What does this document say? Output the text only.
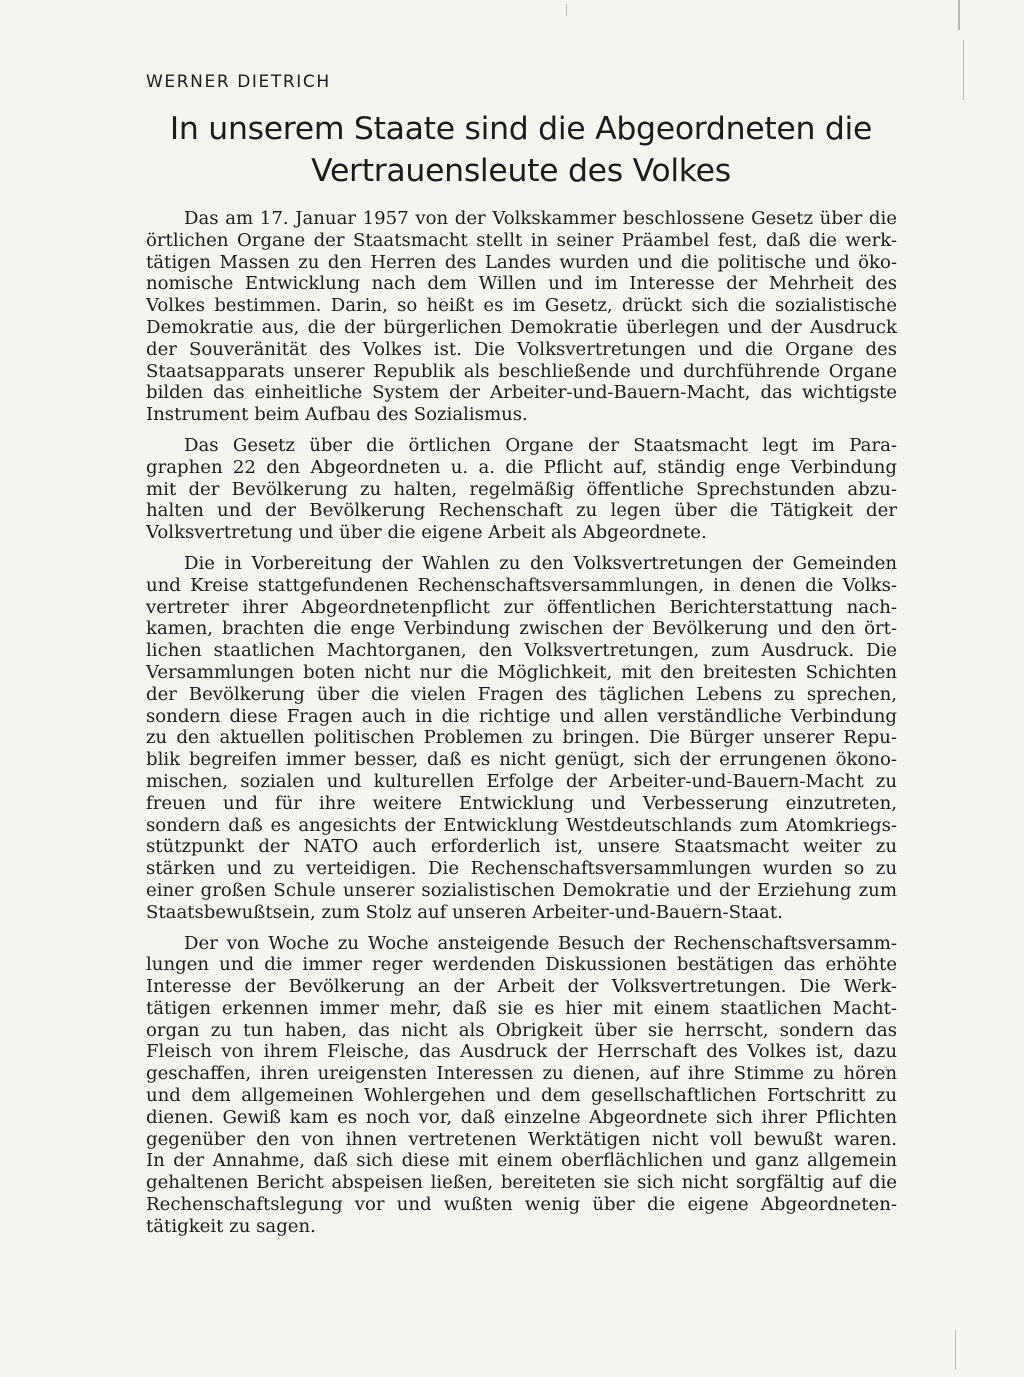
WERNER DIETRICH
In unserem Staate sind die Abgeordneten die
Vertrauensleute des Volkes
Das am 17. Januar 1957 von der Volkskammer beschlossene Gesetz über die
örtlichen Organe der Staatsmacht stellt in seiner Präambel fest, daß die werk-
tätigen Massen zu den Herren des Landes wurden und die politische und öko-
nomische Entwicklung nach dem Willen und im Interesse der Mehrheit des
Volkes bestimmen. Darin, so heißt es im Gesetz, drückt sich die sozialistische
Demokratie aus, die der bürgerlichen Demokratie überlegen und der Ausdruck
der Souveränität des Volkes ist. Die Volksvertretungen und die Organe des
Staatsapparats unserer Republik als beschließende und durchführende Organe
bilden das einheitliche System der Arbeiter-und-Bauern-Macht, das wichtigste
Instrument beim Aufbau des Sozialismus.
Das Gesetz über die örtlichen Organe der Staatsmacht legt im Para-
graphen 22 den Abgeordneten u. a. die Pflicht auf, ständig enge Verbindung
mit der Bevölkerung zu halten, regelmäßig öffentliche Sprechstunden abzu-
halten und der Bevölkerung Rechenschaft zu legen über die Tätigkeit der
Volksvertretung und über die eigene Arbeit als Abgeordnete.
Die in Vorbereitung der Wahlen zu den Volksvertretungen der Gemeinden
und Kreise stattgefundenen Rechenschaftsversammlungen, in denen die Volks-
vertreter ihrer Abgeordnetenpflicht zur öffentlichen Berichterstattung nach-
kamen, brachten die enge Verbindung zwischen der Bevölkerung und den ört-
lichen staatlichen Machtorganen, den Volksvertretungen, zum Ausdruck. Die
Versammlungen boten nicht nur die Möglichkeit, mit den breitesten Schichten
der Bevölkerung über die vielen Fragen des täglichen Lebens zu sprechen,
sondern diese Fragen auch in die richtige und allen verständliche Verbindung
zu den aktuellen politischen Problemen zu bringen. Die Bürger unserer Repu-
blik begreifen immer besser, daß es nicht genügt, sich der errungenen ökono-
mischen, sozialen und kulturellen Erfolge der Arbeiter-und-Bauern-Macht zu
freuen und für ihre weitere Entwicklung und Verbesserung einzutreten,
sondern daß es angesichts der Entwicklung Westdeutschlands zum Atomkriegs-
stützpunkt der NATO auch erforderlich ist, unsere Staatsmacht weiter zu
stärken und zu verteidigen. Die Rechenschaftsversammlungen wurden so zu
einer großen Schule unserer sozialistischen Demokratie und der Erziehung zum
Staatsbewußtsein, zum Stolz auf unseren Arbeiter-und-Bauern-Staat.
Der von Woche zu Woche ansteigende Besuch der Rechenschaftsversamm-
lungen und die immer reger werdenden Diskussionen bestätigen das erhöhte
Interesse der Bevölkerung an der Arbeit der Volksvertretungen. Die Werk-
tätigen erkennen immer mehr, daß sie es hier mit einem staatlichen Macht-
organ zu tun haben, das nicht als Obrigkeit über sie herrscht, sondern das
Fleisch von ihrem Fleische, das Ausdruck der Herrschaft des Volkes ist, dazu
geschaffen, ihren ureigensten Interessen zu dienen, auf ihre Stimme zu hören
und dem allgemeinen Wohlergehen und dem gesellschaftlichen Fortschritt zu
dienen. Gewiß kam es noch vor, daß einzelne Abgeordnete sich ihrer Pflichten
gegenüber den von ihnen vertretenen Werktätigen nicht voll bewußt waren.
In der Annahme, daß sich diese mit einem oberflächlichen und ganz allgemein
gehaltenen Bericht abspeisen ließen, bereiteten sie sich nicht sorgfältig auf die
Rechenschaftslegung vor und wußten wenig über die eigene Abgeordneten-
tätigkeit zu sagen.
